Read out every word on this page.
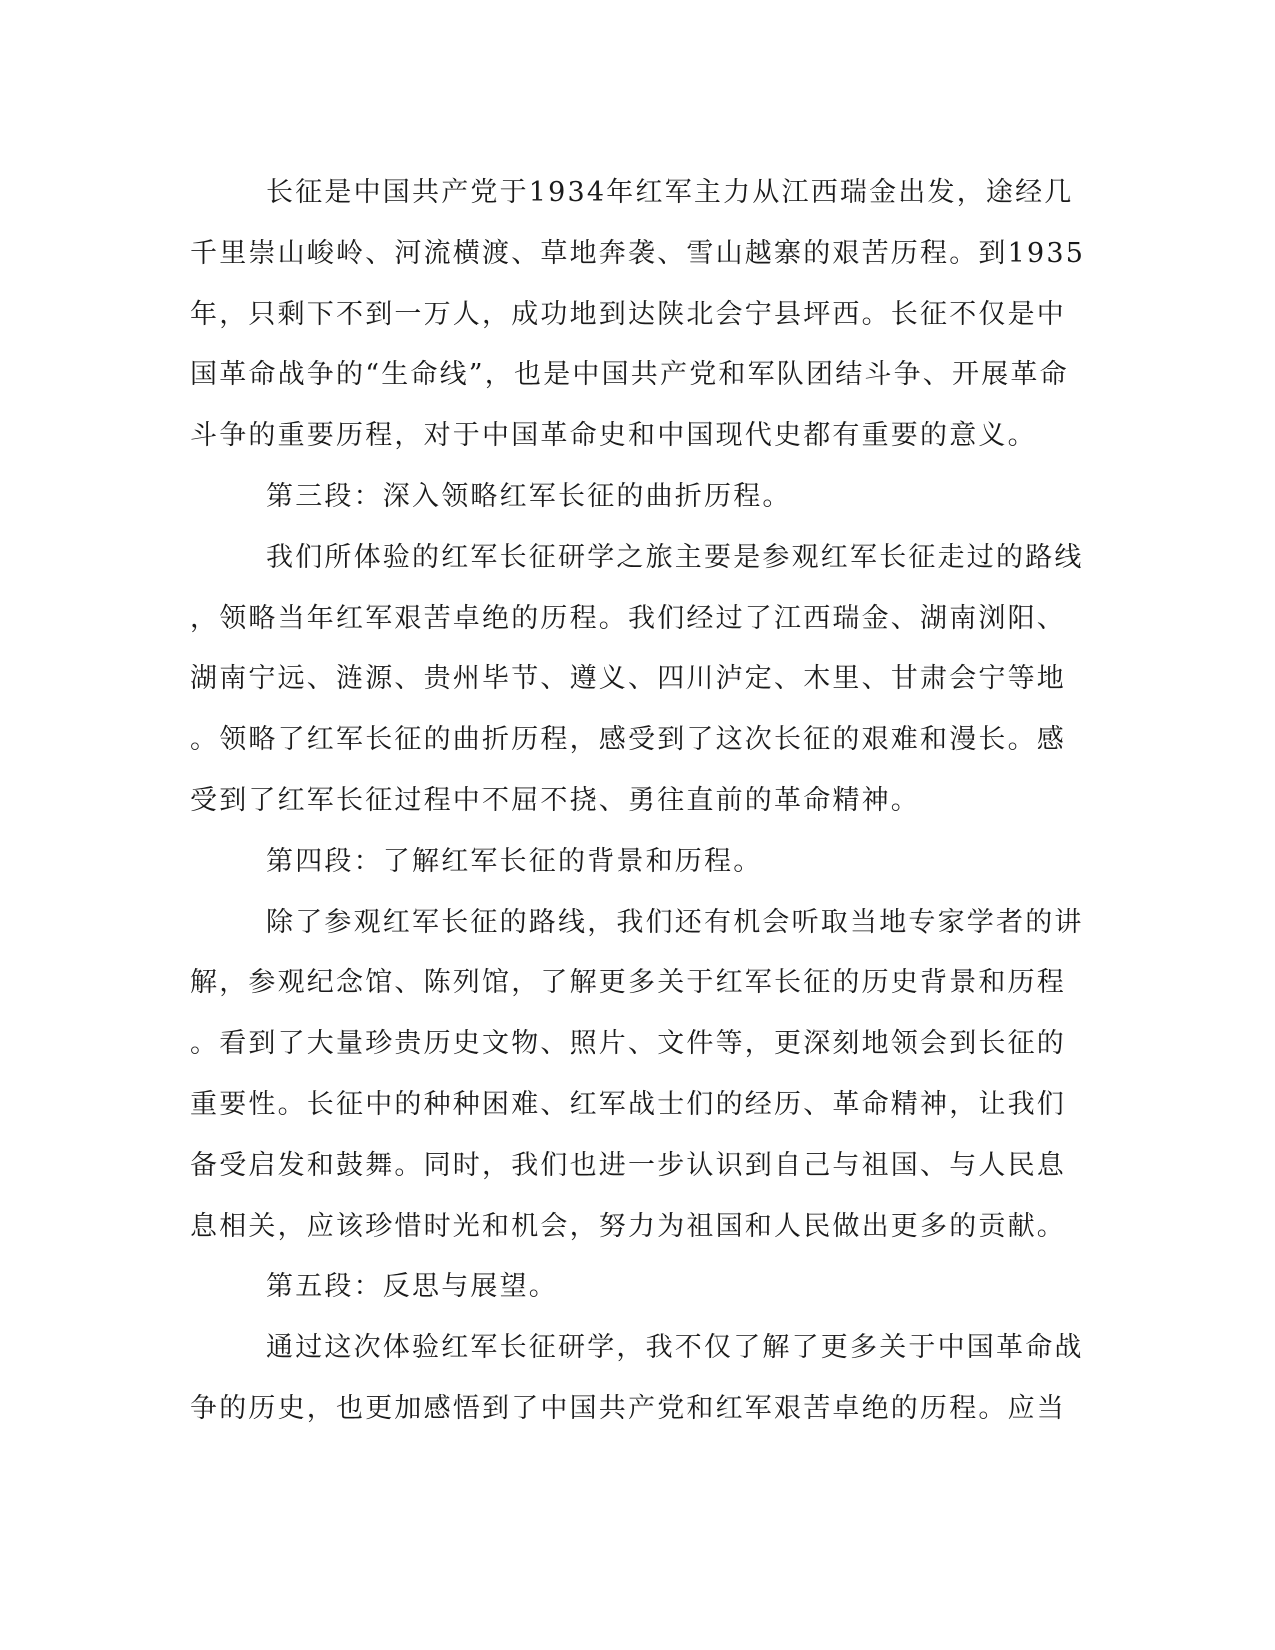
长征是中国共产党于1934年红军主力从江西瑞金出发，途经几
千里崇山峻岭、河流横渡、草地奔袭、雪山越寨的艰苦历程。到1935
年，只剩下不到一万人，成功地到达陕北会宁县坪西。长征不仅是中
国革命战争的“生命线”，也是中国共产党和军队团结斗争、开展革命
斗争的重要历程，对于中国革命史和中国现代史都有重要的意义。
第三段：深入领略红军长征的曲折历程。
我们所体验的红军长征研学之旅主要是参观红军长征走过的路线
，领略当年红军艰苦卓绝的历程。我们经过了江西瑞金、湖南浏阳、
湖南宁远、涟源、贵州毕节、遵义、四川泸定、木里、甘肃会宁等地
。领略了红军长征的曲折历程，感受到了这次长征的艰难和漫长。感
受到了红军长征过程中不屈不挠、勇往直前的革命精神。
第四段：了解红军长征的背景和历程。
除了参观红军长征的路线，我们还有机会听取当地专家学者的讲
解，参观纪念馆、陈列馆，了解更多关于红军长征的历史背景和历程
。看到了大量珍贵历史文物、照片、文件等，更深刻地领会到长征的
重要性。长征中的种种困难、红军战士们的经历、革命精神，让我们
备受启发和鼓舞。同时，我们也进一步认识到自己与祖国、与人民息
息相关，应该珍惜时光和机会，努力为祖国和人民做出更多的贡献。
第五段：反思与展望。
通过这次体验红军长征研学，我不仅了解了更多关于中国革命战
争的历史，也更加感悟到了中国共产党和红军艰苦卓绝的历程。应当
